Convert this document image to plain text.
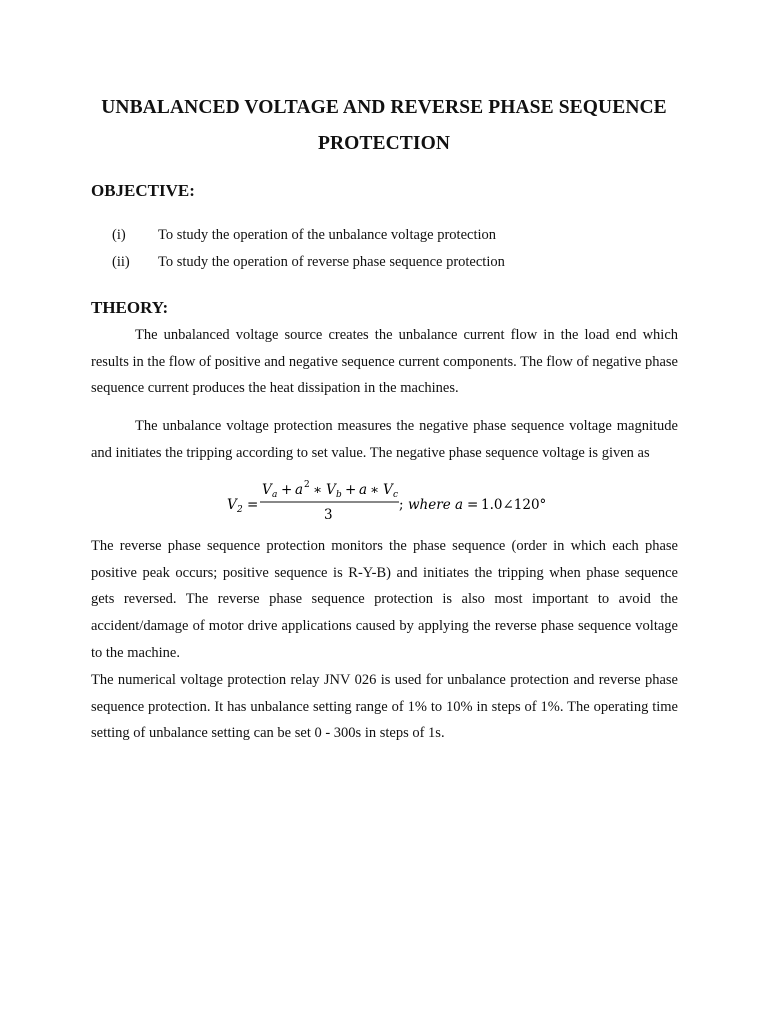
UNBALANCED VOLTAGE AND REVERSE PHASE SEQUENCE
PROTECTION
OBJECTIVE:
(i) To study the operation of the unbalance voltage protection
(ii) To study the operation of reverse phase sequence protection
THEORY:

The unbalanced voltage source creates the unbalance current flow in the load end which results in the flow of positive and negative sequence current components. The flow of negative phase sequence current produces the heat dissipation in the machines.

The unbalance voltage protection measures the negative phase sequence voltage magnitude and initiates the tripping according to set value. The negative phase sequence voltage is given as

V 2 =
V a + a 2 ∗ V b + a ∗ V c
3
; where a = 1.0∠120°

The reverse phase sequence protection monitors the phase sequence (order in which each phase positive peak occurs; positive sequence is R-Y-B) and initiates the tripping when phase sequence gets reversed. The reverse phase sequence protection is also most important to avoid the accident/damage of motor drive applications caused by applying the reverse phase sequence voltage to the machine.

The numerical voltage protection relay JNV 026 is used for unbalance protection and reverse phase sequence protection. It has unbalance setting range of 1% to 10% in steps of 1%. The operating time setting of unbalance setting can be set 0 - 300s in steps of 1s.
